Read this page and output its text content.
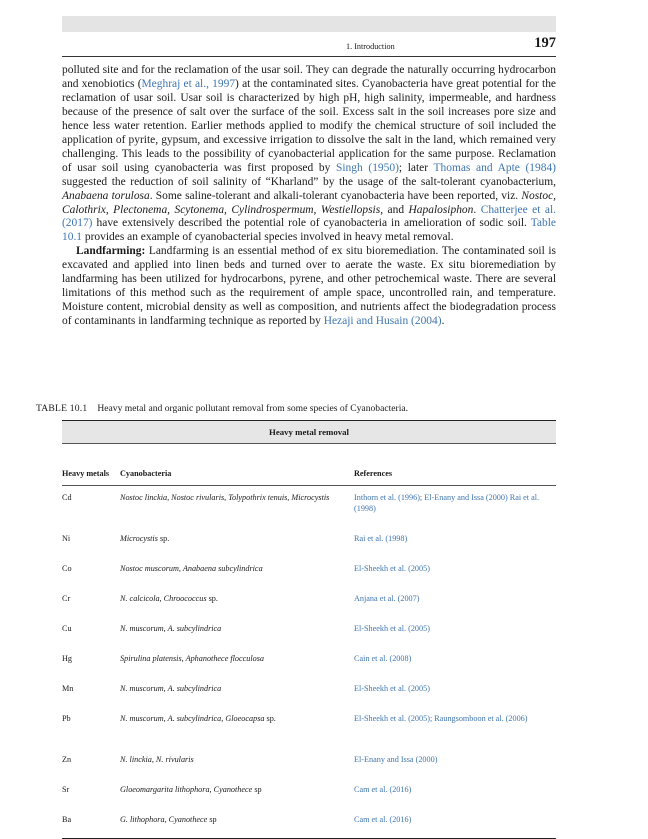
1. Introduction	197

polluted site and for the reclamation of the usar soil. They can degrade the naturally occurring hydrocarbon and xenobiotics (Meghraj et al., 1997) at the contaminated sites. Cyanobacteria have great potential for the reclamation of usar soil. Usar soil is characterized by high pH, high salinity, impermeable, and hardness because of the presence of salt over the surface of the soil. Excess salt in the soil increases pore size and hence less water retention. Earlier methods applied to modify the chemical structure of soil included the application of pyrite, gypsum, and excessive irrigation to dissolve the salt in the land, which remained very challenging. This leads to the possibility of cyanobacterial application for the same purpose. Reclamation of usar soil using cyanobacteria was first proposed by Singh (1950); later Thomas and Apte (1984) suggested the reduction of soil salinity of “Kharland” by the usage of the salt-tolerant cyanobacterium, Anabaena torulosa. Some saline-tolerant and alkali-tolerant cyanobacteria have been reported, viz. Nostoc, Calothrix, Plectonema, Scytonema, Cylindrospermum, Westiellopsis, and Hapalosiphon. Chatterjee et al. (2017) have extensively described the potential role of cyanobacteria in amelioration of sodic soil. Table 10.1 provides an example of cyanobacterial species involved in heavy metal removal.

Landfarming: Landfarming is an essential method of ex situ bioremediation. The contaminated soil is excavated and applied into linen beds and turned over to aerate the waste. Ex situ bioremediation by landfarming has been utilized for hydrocarbons, pyrene, and other petrochemical waste. There are several limitations of this method such as the requirement of ample space, uncontrolled rain, and temperature. Moisture content, microbial density as well as composition, and nutrients affect the biodegradation process of contaminants in landfarming technique as reported by Hezaji and Husain (2004).

TABLE 10.1 Heavy metal and organic pollutant removal from some species of Cyanobacteria.
Heavy metal removal		
Heavy metals	Cyanobacteria	References
Cd	Nostoc linckia, Nostoc rivularis, Tolypothrix tenuis, Microcystis	Inthorn et al. (1996); El-Enany and Issa (2000) Rai et al. (1998)
Ni	Microcystis sp.	Rai et al. (1998)
Co	Nostoc muscorum, Anabaena subcylindrica	El-Sheekh et al. (2005)
Cr	N. calcicola, Chroococcus sp.	Anjana et al. (2007)
Cu	N. muscorum, A. subcylindrica	El-Sheekh et al. (2005)
Hg	Spirulina platensis, Aphanothece flocculosa	Cain et al. (2008)
Mn	N. muscorum, A. subcylindrica	El-Sheekh et al. (2005)
Pb	N. muscorum, A. subcylindrica, Gloeocapsa sp.	El-Sheekh et al. (2005); Raungsomboon et al. (2006)
Zn	N. linckia, N. rivularis	El-Enany and Issa (2000)
Sr	Gloeomargarita lithophora, Cyanothece sp	Cam et al. (2016)
Ba	G. lithophora, Cyanothece sp	Cam et al. (2016)
